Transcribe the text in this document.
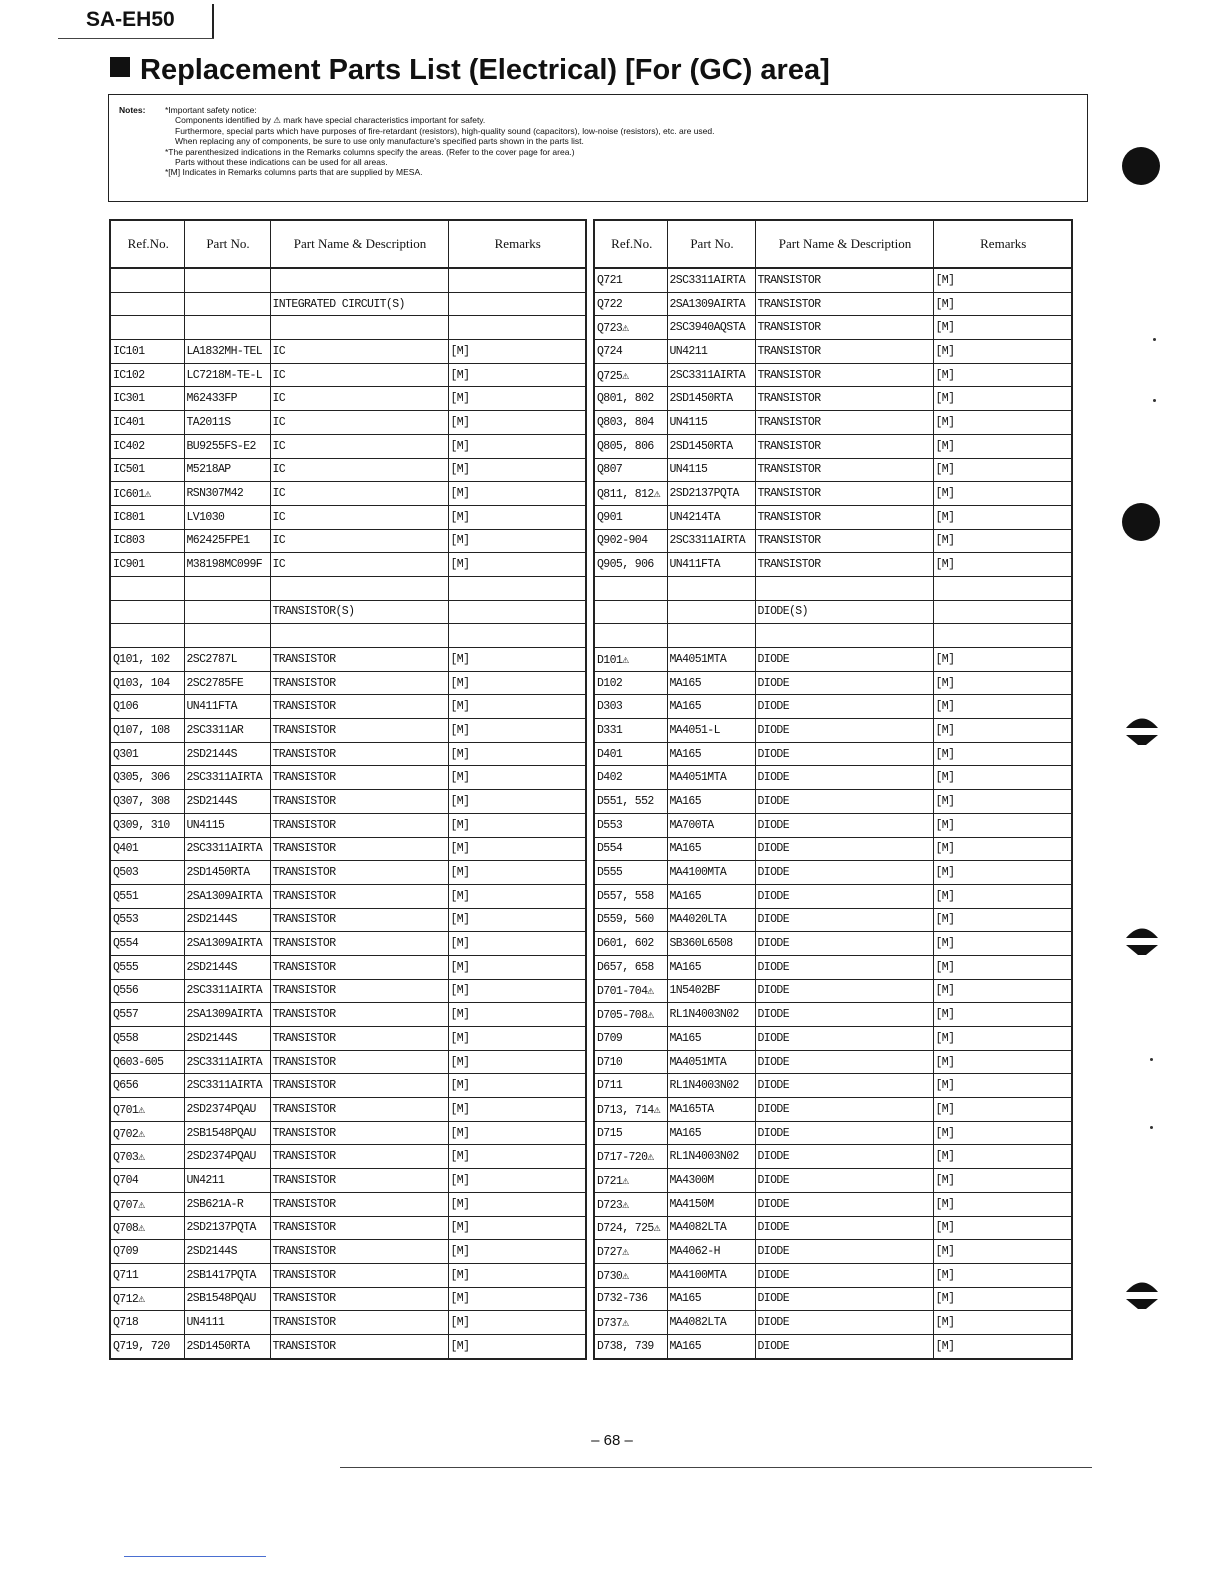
SA-EH50
Replacement Parts List (Electrical) [For (GC) area]
Notes: *Important safety notice:
Components identified by ⚠ mark have special characteristics important for safety.
Furthermore, special parts which have purposes of fire-retardant (resistors), high-quality sound (capacitors), low-noise (resistors), etc. are used.
When replacing any of components, be sure to use only manufacture's specified parts shown in the parts list.
*The parenthesized indications in the Remarks columns specify the areas. (Refer to the cover page for area.)
Parts without these indications can be used for all areas.
*[M] Indicates in Remarks columns parts that are supplied by MESA.
Ref.No.	Part No.	Part Name & Description	Remarks

		INTEGRATED CIRCUIT(S)	

IC101	LA1832MH-TEL	IC	[M]
IC102	LC7218M-TE-L	IC	[M]
IC301	M62433FP	IC	[M]
IC401	TA2011S	IC	[M]
IC402	BU9255FS-E2	IC	[M]
IC501	M5218AP	IC	[M]
IC601⚠	RSN307M42	IC	[M]
IC801	LV1030	IC	[M]
IC803	M62425FPE1	IC	[M]
IC901	M38198MC099F	IC	[M]

		TRANSISTOR(S)	

Q101, 102	2SC2787L	TRANSISTOR	[M]
Q103, 104	2SC2785FE	TRANSISTOR	[M]
Q106	UN411FTA	TRANSISTOR	[M]
Q107, 108	2SC3311AR	TRANSISTOR	[M]
Q301	2SD2144S	TRANSISTOR	[M]
Q305, 306	2SC3311AIRTA	TRANSISTOR	[M]
Q307, 308	2SD2144S	TRANSISTOR	[M]
Q309, 310	UN4115	TRANSISTOR	[M]
Q401	2SC3311AIRTA	TRANSISTOR	[M]
Q503	2SD1450RTA	TRANSISTOR	[M]
Q551	2SA1309AIRTA	TRANSISTOR	[M]
Q553	2SD2144S	TRANSISTOR	[M]
Q554	2SA1309AIRTA	TRANSISTOR	[M]
Q555	2SD2144S	TRANSISTOR	[M]
Q556	2SC3311AIRTA	TRANSISTOR	[M]
Q557	2SA1309AIRTA	TRANSISTOR	[M]
Q558	2SD2144S	TRANSISTOR	[M]
Q603-605	2SC3311AIRTA	TRANSISTOR	[M]
Q656	2SC3311AIRTA	TRANSISTOR	[M]
Q701⚠	2SD2374PQAU	TRANSISTOR	[M]
Q702⚠	2SB1548PQAU	TRANSISTOR	[M]
Q703⚠	2SD2374PQAU	TRANSISTOR	[M]
Q704	UN4211	TRANSISTOR	[M]
Q707⚠	2SB621A-R	TRANSISTOR	[M]
Q708⚠	2SD2137PQTA	TRANSISTOR	[M]
Q709	2SD2144S	TRANSISTOR	[M]
Q711	2SB1417PQTA	TRANSISTOR	[M]
Q712⚠	2SB1548PQAU	TRANSISTOR	[M]
Q718	UN4111	TRANSISTOR	[M]
Q719, 720	2SD1450RTA	TRANSISTOR	[M]
Ref.No.	Part No.	Part Name & Description	Remarks
Q721	2SC3311AIRTA	TRANSISTOR	[M]
Q722	2SA1309AIRTA	TRANSISTOR	[M]
Q723⚠	2SC3940AQSTA	TRANSISTOR	[M]
Q724	UN4211	TRANSISTOR	[M]
Q725⚠	2SC3311AIRTA	TRANSISTOR	[M]
Q801, 802	2SD1450RTA	TRANSISTOR	[M]
Q803, 804	UN4115	TRANSISTOR	[M]
Q805, 806	2SD1450RTA	TRANSISTOR	[M]
Q807	UN4115	TRANSISTOR	[M]
Q811, 812⚠	2SD2137PQTA	TRANSISTOR	[M]
Q901	UN4214TA	TRANSISTOR	[M]
Q902-904	2SC3311AIRTA	TRANSISTOR	[M]
Q905, 906	UN411FTA	TRANSISTOR	[M]

		DIODE(S)	

D101⚠	MA4051MTA	DIODE	[M]
D102	MA165	DIODE	[M]
D303	MA165	DIODE	[M]
D331	MA4051-L	DIODE	[M]
D401	MA165	DIODE	[M]
D402	MA4051MTA	DIODE	[M]
D551, 552	MA165	DIODE	[M]
D553	MA700TA	DIODE	[M]
D554	MA165	DIODE	[M]
D555	MA4100MTA	DIODE	[M]
D557, 558	MA165	DIODE	[M]
D559, 560	MA4020LTA	DIODE	[M]
D601, 602	SB360L6508	DIODE	[M]
D657, 658	MA165	DIODE	[M]
D701-704⚠	1N5402BF	DIODE	[M]
D705-708⚠	RL1N4003N02	DIODE	[M]
D709	MA165	DIODE	[M]
D710	MA4051MTA	DIODE	[M]
D711	RL1N4003N02	DIODE	[M]
D713, 714⚠	MA165TA	DIODE	[M]
D715	MA165	DIODE	[M]
D717-720⚠	RL1N4003N02	DIODE	[M]
D721⚠	MA4300M	DIODE	[M]
D723⚠	MA4150M	DIODE	[M]
D724, 725⚠	MA4082LTA	DIODE	[M]
D727⚠	MA4062-H	DIODE	[M]
D730⚠	MA4100MTA	DIODE	[M]
D732-736	MA165	DIODE	[M]
D737⚠	MA4082LTA	DIODE	[M]
D738, 739	MA165	DIODE	[M]
– 68 –
